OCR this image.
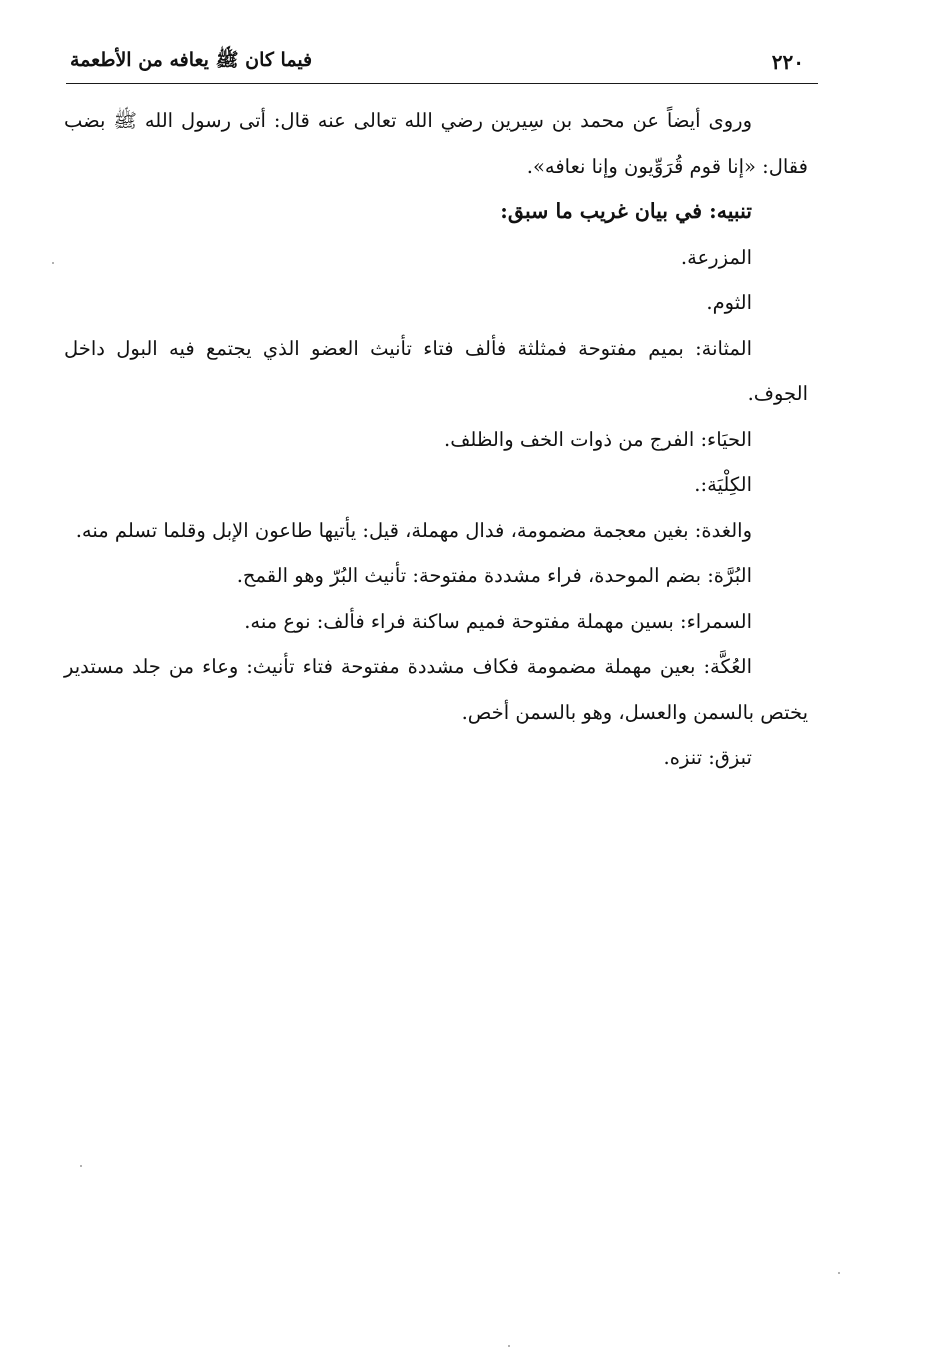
٢٢٠
فيما كان ﷺ يعافه من الأطعمة

وروى أيضاً عن محمد بن سِيرين رضي الله تعالى عنه قال: أتى رسول الله ﷺ بضب فقال: «إنا قوم قُرَوِّيون وإنا نعافه».

تنبيه: في بيان غريب ما سبق:

المزرعة.

الثوم.

المثانة: بميم مفتوحة فمثلثة فألف فتاء تأنيث العضو الذي يجتمع فيه البول داخل الجوف.

الحيَاء: الفرج من ذوات الخف والظلف.

الكِلْيَة:.

والغدة: بغين معجمة مضمومة، فدال مهملة، قيل: يأتيها طاعون الإبل وقلما تسلم منه.

البُرَّة: بضم الموحدة، فراء مشددة مفتوحة: تأنيث البُرّ وهو القمح.

السمراء: بسين مهملة مفتوحة فميم ساكنة فراء فألف: نوع منه.

العُكَّة: بعين مهملة مضمومة فكاف مشددة مفتوحة فتاء تأنيث: وعاء من جلد مستدير يختص بالسمن والعسل، وهو بالسمن أخص.

تبزق: تنزه.
